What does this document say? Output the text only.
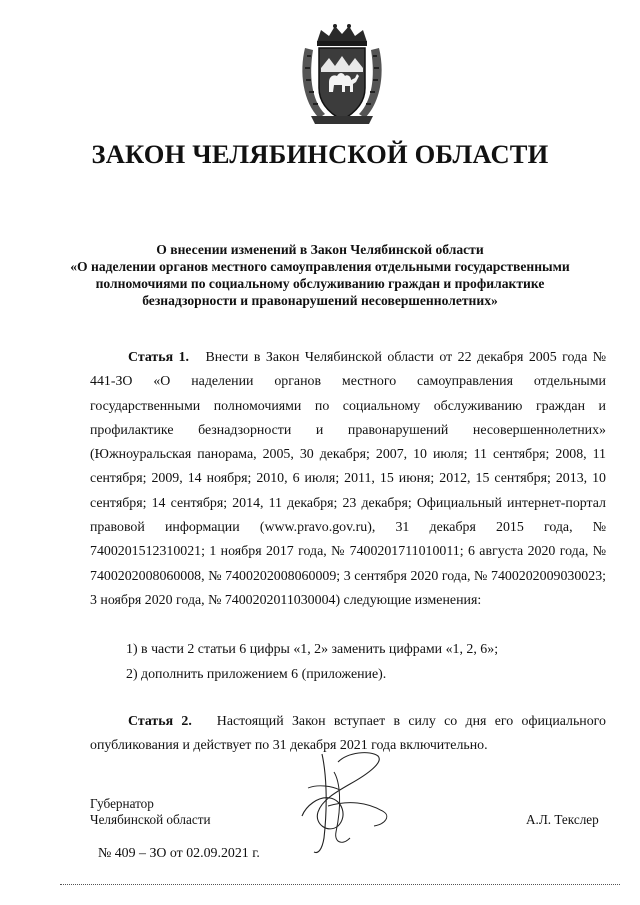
ЗАКОН ЧЕЛЯБИНСКОЙ ОБЛАСТИ
О внесении изменений в Закон Челябинской области
«О наделении органов местного самоуправления отдельными государственными
полномочиями по социальному обслуживанию граждан и профилактике
безнадзорности и правонарушений несовершеннолетних»
Статья 1. Внести в Закон Челябинской области от 22 декабря 2005 года № 441-ЗО «О наделении органов местного самоуправления отдельными государственными полномочиями по социальному обслуживанию граждан и профилактике безнадзорности и правонарушений несовершеннолетних» (Южноуральская панорама, 2005, 30 декабря; 2007, 10 июля; 11 сентября; 2008, 11 сентября; 2009, 14 ноября; 2010, 6 июля; 2011, 15 июня; 2012, 15 сентября; 2013, 10 сентября; 14 сентября; 2014, 11 декабря; 23 декабря; Официальный интернет-портал правовой информации (www.pravo.gov.ru), 31 декабря 2015 года, № 7400201512310021; 1 ноября 2017 года, № 7400201711010011; 6 августа 2020 года, № 7400202008060008, № 7400202008060009; 3 сентября 2020 года, № 7400202009030023; 3 ноября 2020 года, № 7400202011030004) следующие изменения:
1) в части 2 статьи 6 цифры «1, 2» заменить цифрами «1, 2, 6»;
2) дополнить приложением 6 (приложение).
Статья 2. Настоящий Закон вступает в силу со дня его официального опубликования и действует по 31 декабря 2021 года включительно.
Губернатор
Челябинской области	А.Л. Текслер
№ 409 – ЗО от 02.09.2021 г.
